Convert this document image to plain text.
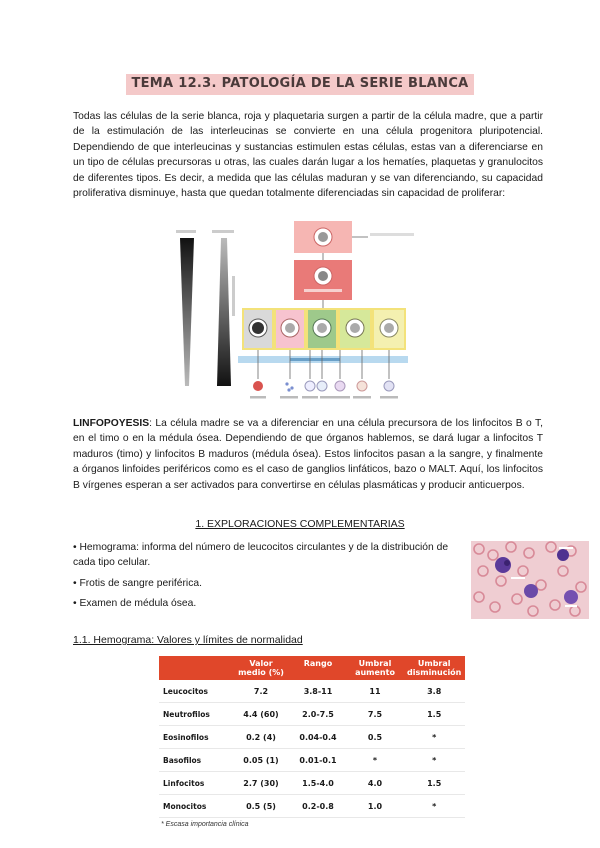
TEMA 12.3. PATOLOGÍA DE LA SERIE BLANCA

Todas las células de la serie blanca, roja y plaquetaria surgen a partir de la célula madre, que a partir de la estimulación de las interleucinas se convierte en una célula progenitora pluripotencial. Dependiendo de que interleucinas y sustancias estimulen estas células, estas van a diferenciarse en un tipo de células precursoras u otras, las cuales darán lugar a los hematíes, plaquetas y granulocitos de diferentes tipos. Es decir, a medida que las células maduran y se van diferenciando, su capacidad proliferativa disminuye, hasta que quedan totalmente diferenciadas sin capacidad de proliferar:

LINFOPOYESIS: La célula madre se va a diferenciar en una célula precursora de los linfocitos B o T, en el timo o en la médula ósea. Dependiendo de que órganos hablemos, se dará lugar a linfocitos T maduros (timo) y linfocitos B maduros (médula ósea). Estos linfocitos pasan a la sangre, y finalmente a órganos linfoides periféricos como es el caso de ganglios linfáticos, bazo o MALT. Aquí, los linfocitos B vírgenes esperan a ser activados para convertirse en células plasmáticas y producir anticuerpos.

1. EXPLORACIONES COMPLEMENTARIAS

• Hemograma: informa del número de leucocitos circulantes y de la distribución de cada tipo celular.

• Frotis de sangre periférica.

• Examen de médula ósea.

1.1. Hemograma: Valores y límites de normalidad
	Valor medio (%)	Rango	Umbral aumento	Umbral disminución
Leucocitos	7.2	3.8-11	11	3.8
Neutrofilos	4.4 (60)	2.0-7.5	7.5	1.5
Eosinofilos	0.2 (4)	0.04-0.4	0.5	*
Basofilos	0.05 (1)	0.01-0.1	*	*
Linfocitos	2.7 (30)	1.5-4.0	4.0	1.5
Monocitos	0.5 (5)	0.2-0.8	1.0	*
* Escasa importancia clínica
